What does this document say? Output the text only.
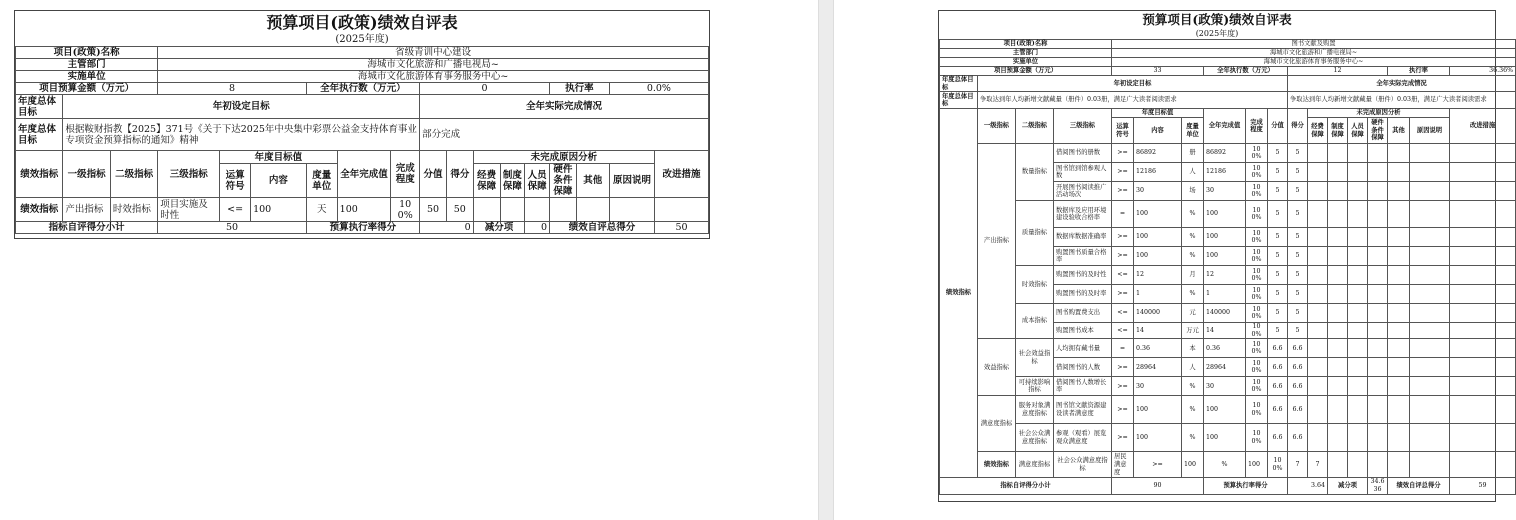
预算项目(政策)绩效自评表
(2025年度)
项目(政策)名称			省级青训中心建设														
主管部门			海城市文化旅游和广播电视局~														
实施单位			海城市文化旅游体育事务服务中心~														
项目预算金额（万元）			8			全年执行数（万元）			0					执行率		0.0%	
年度总体目标	年初设定目标								全年实际完成情况								
年度总体目标	根据鞍财指教【2025】371号《关于下达2025年中央集中彩票公益金支持体育事业专项资金预算指标的通知》精神								部分完成								
绩效指标	一级指标	二级指标	三级指标	年度目标值			全年完成值	完成程度	分值	得分	未完成原因分析						改进措施
				运算符号	内容	度量单位					经费保障	制度保障	人员保障	硬件条件保障	其他	原因说明	
绩效指标	产出指标	时效指标	项目实施及时性	<=	100	天	100	100%	50	50							
指标自评得分小计			50			预算执行率得分			0		减分项		0	绩效自评总得分			50
预算项目(政策)绩效自评表
(2025年度)
项目(政策)名称				图书文献及购置														
主管部门				海城市文化旅游和广播电视局~														
实施单位				海城市文化旅游体育事务服务中心~														
项目预算金额（万元）				33			全年执行数（万元）			12					执行率		36.36%	
年度总体目标	年初设定目标									全年实际完成情况								
年度总体目标	争取达到年人均新增文献藏量（册件）0.03册，满足广大读者阅读需求									争取达到年人均新增文献藏量（册件）0.03册，满足广大读者阅读需求								
绩效指标	一级指标	二级指标	三级指标	年度目标值			全年完成值	完成程度	分值	得分	未完成原因分析						改进措施	
				运算符号	内容	度量单位					经费保障	制度保障	人员保障	硬件条件保障	其他	原因说明		
	产出指标	数量指标	借阅图书的册数	>=	86892	册	86892	100%	5	5								
			图书馆到馆参观人数	>=	12186	人	12186	100%	5	5								
			开展图书阅读推广活动场次	>=	30	场	30	100%	5	5								
		质量指标	数据库及应用环境建设验收合格率	=	100	%	100	100%	5	5								
			数据库数据准确率	>=	100	%	100	100%	5	5								
			购置图书质量合格率	>=	100	%	100	100%	5	5								
		时效指标	购置图书的及时性	<=	12	月	12	100%	5	5								
			购置图书的及时率	>=	1	%	1	100%	5	5								
		成本指标	图书购置费支出	<=	140000	元	140000	100%	5	5								
			购置图书成本	<=	14	万元	14	100%	5	5								
	效益指标	社会效益指标	人均拥有藏书量	=	0.36	本	0.36	100%	6.6	6.6								
			借阅图书的人数	>=	28964	人	28964	100%	6.6	6.6								
		可持续影响指标	借阅图书人数增长率	>=	30	%	30	100%	6.6	6.6								
	满意度指标	服务对象满意度指标	图书馆文献资源建设读者满意度	>=	100	%	100	100%	6.6	6.6								
		社会公众满意度指标	参观（观看）展览观众满意度	>=	100	%	100	100%	6.6	6.6								
	绩效指标	满意度指标	社会公众满意度指标	居民满意度	>=	100	%	100	100%	7	7							
指标自评得分小计				90			预算执行率得分			3.64		减分项		34.636	绩效自评总得分		59	
